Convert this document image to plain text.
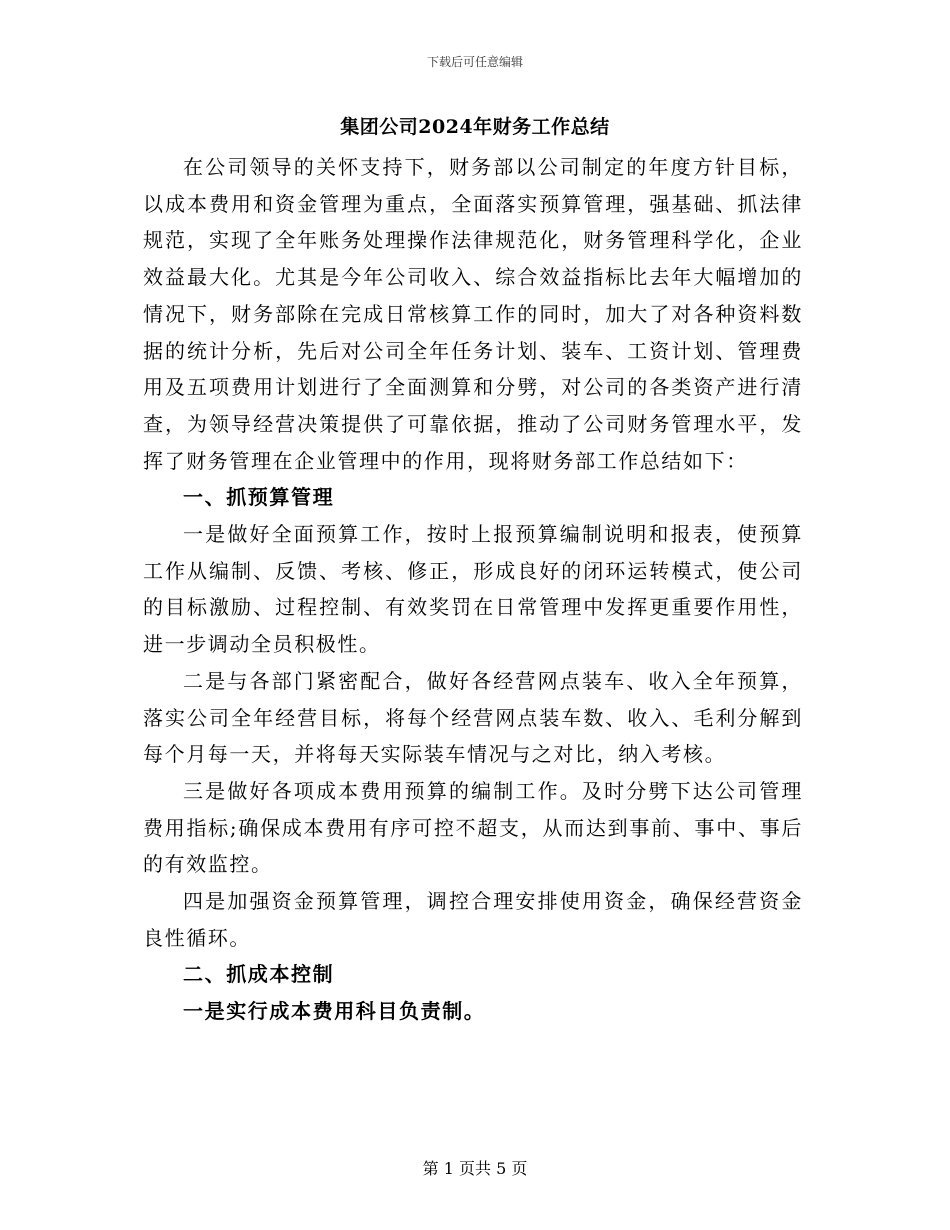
下载后可任意编辑
集团公司2024年财务工作总结

在公司领导的关怀支持下，财务部以公司制定的年度方针目标，以成本费用和资金管理为重点，全面落实预算管理，强基础、抓法律规范，实现了全年账务处理操作法律规范化，财务管理科学化，企业效益最大化。尤其是今年公司收入、综合效益指标比去年大幅增加的情况下，财务部除在完成日常核算工作的同时，加大了对各种资料数据的统计分析，先后对公司全年任务计划、装车、工资计划、管理费用及五项费用计划进行了全面测算和分劈，对公司的各类资产进行清查，为领导经营决策提供了可靠依据，推动了公司财务管理水平，发挥了财务管理在企业管理中的作用，现将财务部工作总结如下：

一、抓预算管理

一是做好全面预算工作，按时上报预算编制说明和报表，使预算工作从编制、反馈、考核、修正，形成良好的闭环运转模式，使公司的目标激励、过程控制、有效奖罚在日常管理中发挥更重要作用性，进一步调动全员积极性。

二是与各部门紧密配合，做好各经营网点装车、收入全年预算，落实公司全年经营目标，将每个经营网点装车数、收入、毛利分解到每个月每一天，并将每天实际装车情况与之对比，纳入考核。

三是做好各项成本费用预算的编制工作。及时分劈下达公司管理费用指标;确保成本费用有序可控不超支，从而达到事前、事中、事后的有效监控。

四是加强资金预算管理，调控合理安排使用资金，确保经营资金良性循环。

二、抓成本控制

一是实行成本费用科目负责制。

第 1 页共 5 页
